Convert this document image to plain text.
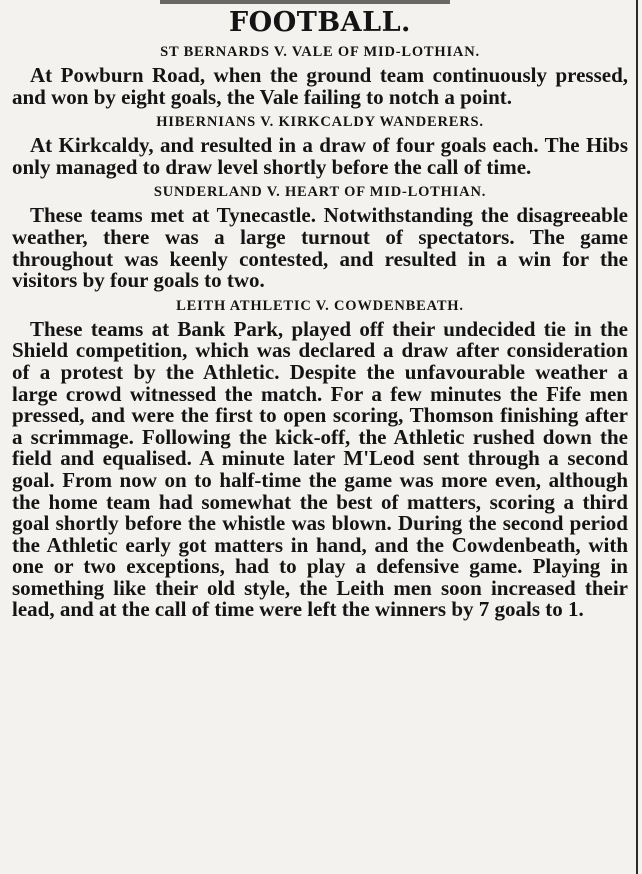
FOOTBALL.
ST BERNARDS V. VALE OF MID-LOTHIAN.

At Powburn Road, when the ground team continuously pressed, and won by eight goals, the Vale failing to notch a point.

HIBERNIANS V. KIRKCALDY WANDERERS.

At Kirkcaldy, and resulted in a draw of four goals each. The Hibs only managed to draw level shortly before the call of time.

SUNDERLAND V. HEART OF MID-LOTHIAN.

These teams met at Tynecastle. Notwithstanding the disagreeable weather, there was a large turnout of spectators. The game throughout was keenly contested, and resulted in a win for the visitors by four goals to two.

LEITH ATHLETIC V. COWDENBEATH.

These teams at Bank Park, played off their undecided tie in the Shield competition, which was declared a draw after consideration of a protest by the Athletic. Despite the unfavourable weather a large crowd witnessed the match. For a few minutes the Fife men pressed, and were the first to open scoring, Thomson finishing after a scrimmage. Following the kick-off, the Athletic rushed down the field and equalised. A minute later M'Leod sent through a second goal. From now on to half-time the game was more even, although the home team had somewhat the best of matters, scoring a third goal shortly before the whistle was blown. During the second period the Athletic early got matters in hand, and the Cowdenbeath, with one or two exceptions, had to play a defensive game. Playing in something like their old style, the Leith men soon increased their lead, and at the call of time were left the winners by 7 goals to 1.
